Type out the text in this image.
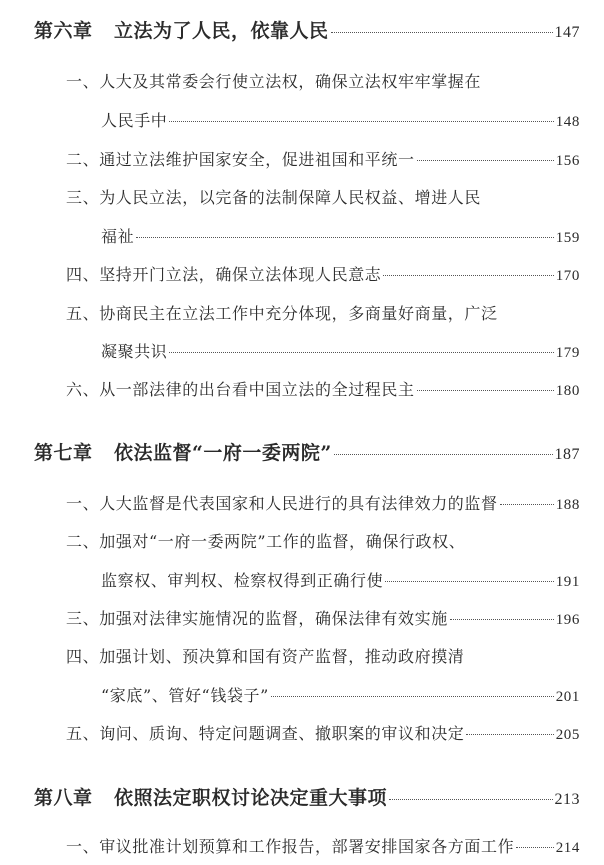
第六章 立法为了人民，依靠人民	147
一、人大及其常委会行使立法权，确保立法权牢牢掌握在
人民手中	148
二、通过立法维护国家安全，促进祖国和平统一	156
三、为人民立法，以完备的法制保障人民权益、增进人民
福祉	159
四、坚持开门立法，确保立法体现人民意志	170
五、协商民主在立法工作中充分体现，多商量好商量，广泛
凝聚共识	179
六、从一部法律的出台看中国立法的全过程民主	180
第七章 依法监督“一府一委两院”	187
一、人大监督是代表国家和人民进行的具有法律效力的监督	188
二、加强对“一府一委两院”工作的监督，确保行政权、
监察权、审判权、检察权得到正确行使	191
三、加强对法律实施情况的监督，确保法律有效实施	196
四、加强计划、预决算和国有资产监督，推动政府摸清
“家底”、管好“钱袋子”	201
五、询问、质询、特定问题调查、撤职案的审议和决定	205
第八章 依照法定职权讨论决定重大事项	213
一、审议批准计划预算和工作报告，部署安排国家各方面工作	214
